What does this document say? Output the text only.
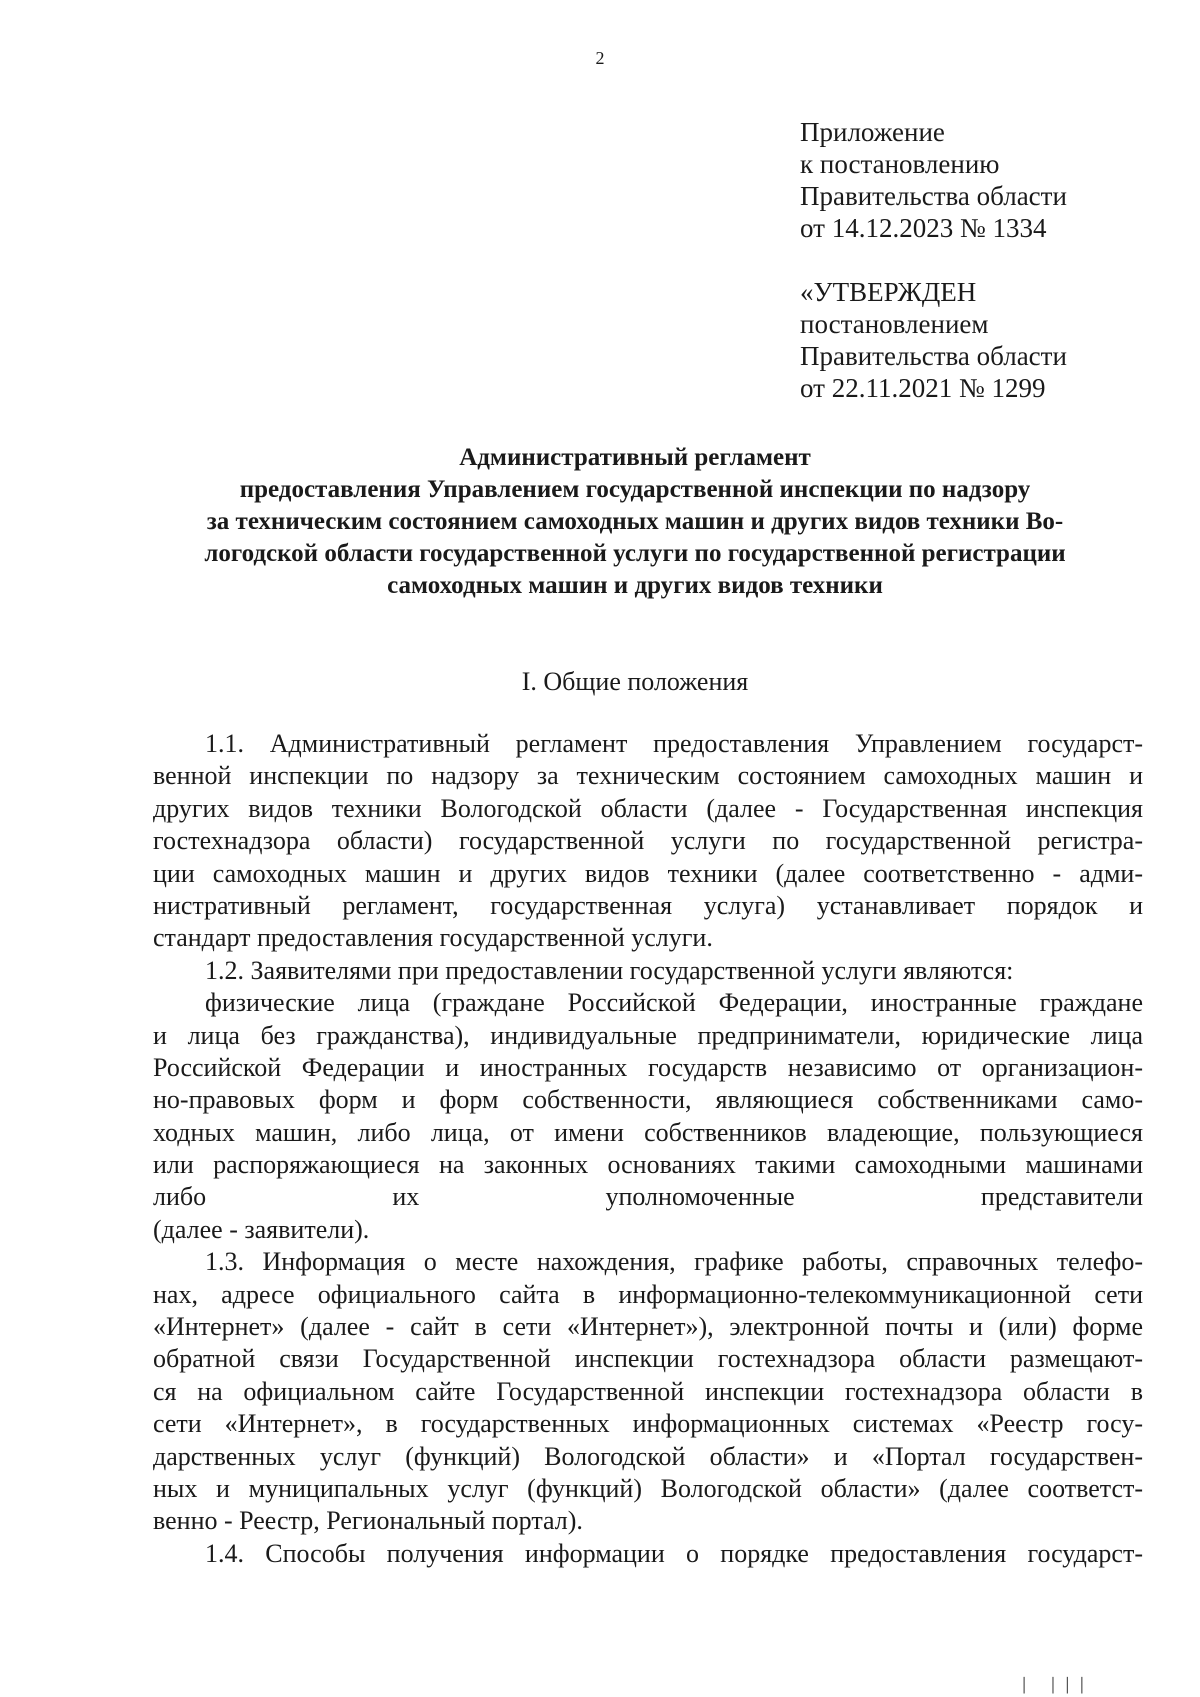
2
Приложение
к постановлению
Правительства области
от 14.12.2023 № 1334
«УТВЕРЖДЕН
постановлением
Правительства области
от 22.11.2021 № 1299
Административный регламент
предоставления Управлением государственной инспекции по надзору
за техническим состоянием самоходных машин и других видов техники Во-
логодской области государственной услуги по государственной регистрации
самоходных машин и других видов техники
I. Общие положения
1.1. Административный регламент предоставления Управлением государст-
венной инспекции по надзору за техническим состоянием самоходных машин и
других видов техники Вологодской области (далее - Государственная инспекция
гостехнадзора области) государственной услуги по государственной регистра-
ции самоходных машин и других видов техники (далее соответственно - адми-
нистративный регламент, государственная услуга) устанавливает порядок и
стандарт предоставления государственной услуги.
1.2. Заявителями при предоставлении государственной услуги являются:
физические лица (граждане Российской Федерации, иностранные граждане
и лица без гражданства), индивидуальные предприниматели, юридические лица
Российской Федерации и иностранных государств независимо от организацион-
но-правовых форм и форм собственности, являющиеся собственниками само-
ходных машин, либо лица, от имени собственников владеющие, пользующиеся
или распоряжающиеся на законных основаниях такими самоходными машинами
либо	их	уполномоченные	представители
(далее - заявители).
1.3. Информация о месте нахождения, графике работы, справочных телефо-
нах, адресе официального сайта в информационно-телекоммуникационной сети
«Интернет» (далее - сайт в сети «Интернет»), электронной почты и (или) форме
обратной связи Государственной инспекции гостехнадзора области размещают-
ся на официальном сайте Государственной инспекции гостехнадзора области в
сети «Интернет», в государственных информационных системах «Реестр госу-
дарственных услуг (функций) Вологодской области» и «Портал государствен-
ных и муниципальных услуг (функций) Вологодской области» (далее соответст-
венно - Реестр, Региональный портал).
1.4. Способы получения информации о порядке предоставления государст-
│ │││
